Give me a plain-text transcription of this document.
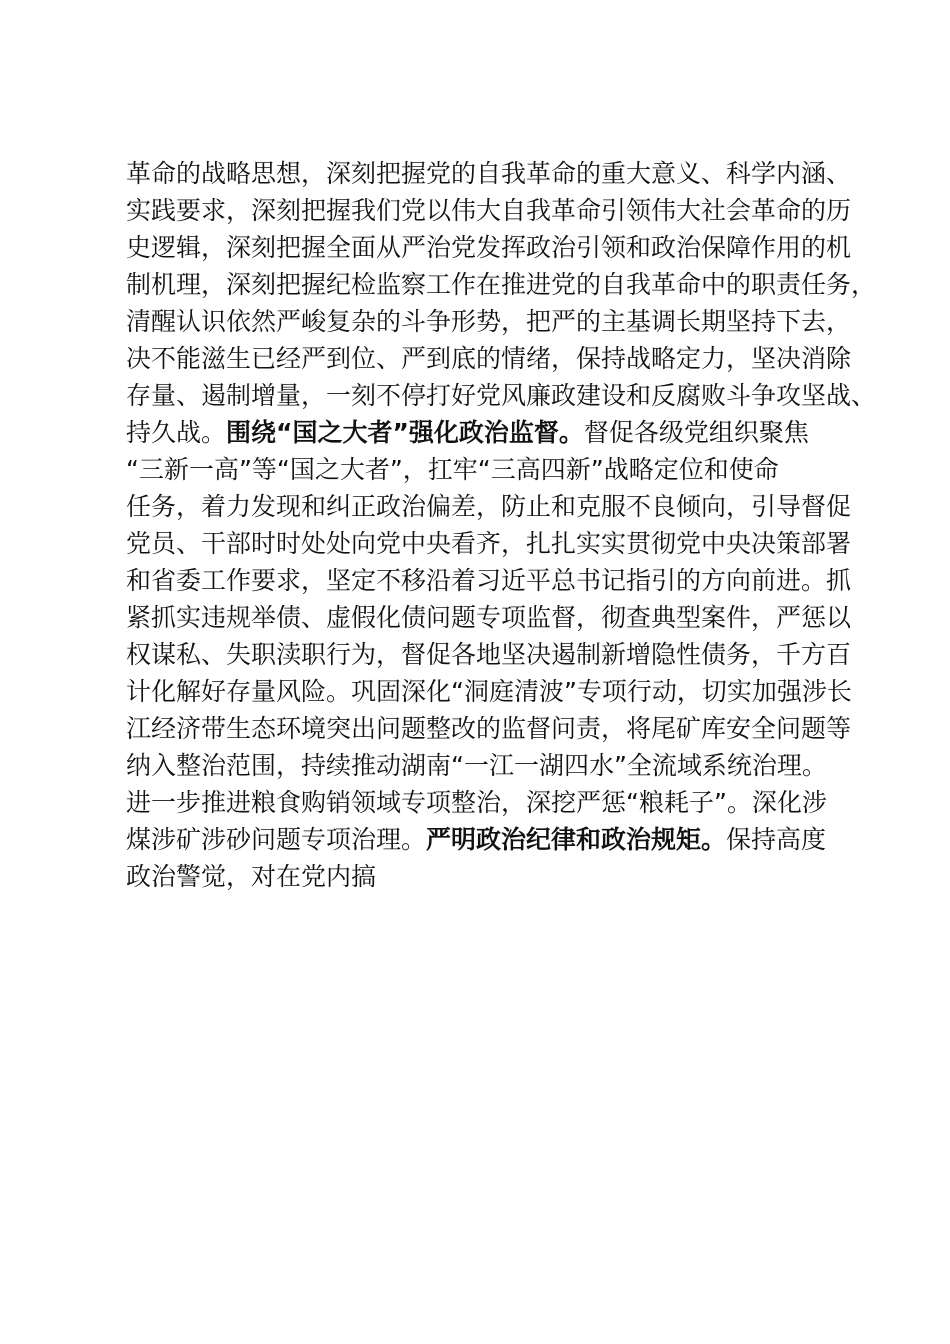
革命的战略思想，深刻把握党的自我革命的重大意义、科学内涵、
实践要求，深刻把握我们党以伟大自我革命引领伟大社会革命的历
史逻辑，深刻把握全面从严治党发挥政治引领和政治保障作用的机
制机理，深刻把握纪检监察工作在推进党的自我革命中的职责任务，
清醒认识依然严峻复杂的斗争形势，把严的主基调长期坚持下去，
决不能滋生已经严到位、严到底的情绪，保持战略定力，坚决消除
存量、遏制增量，一刻不停打好党风廉政建设和反腐败斗争攻坚战、
持久战。围绕“国之大者”强化政治监督。督促各级党组织聚焦
“三新一高”等“国之大者”，扛牢“三高四新”战略定位和使命
任务，着力发现和纠正政治偏差，防止和克服不良倾向，引导督促
党员、干部时时处处向党中央看齐，扎扎实实贯彻党中央决策部署
和省委工作要求，坚定不移沿着习近平总书记指引的方向前进。抓
紧抓实违规举债、虚假化债问题专项监督，彻查典型案件，严惩以
权谋私、失职渎职行为，督促各地坚决遏制新增隐性债务，千方百
计化解好存量风险。巩固深化“洞庭清波”专项行动，切实加强涉长
江经济带生态环境突出问题整改的监督问责，将尾矿库安全问题等
纳入整治范围，持续推动湖南“一江一湖四水”全流域系统治理。
进一步推进粮食购销领域专项整治，深挖严惩“粮耗子”。深化涉
煤涉矿涉砂问题专项治理。严明政治纪律和政治规矩。保持高度
政治警觉，对在党内搞
